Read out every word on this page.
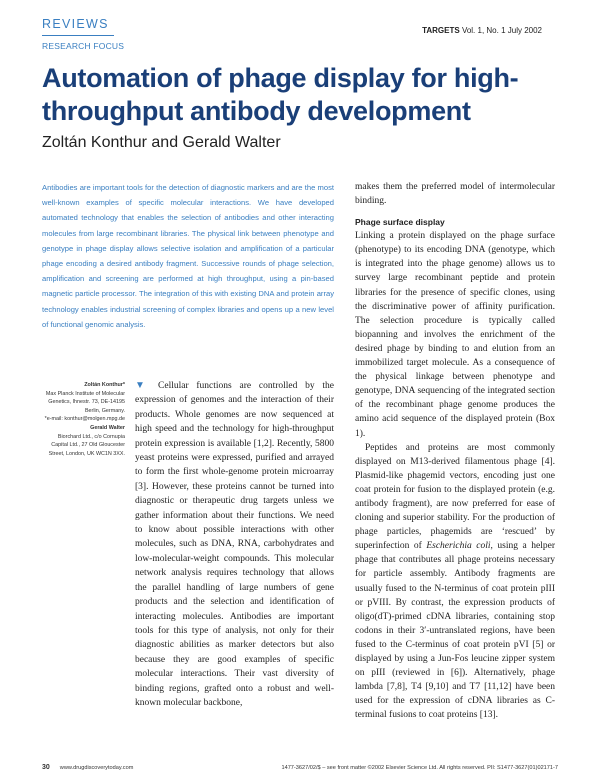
REVIEWS
RESEARCH FOCUS
TARGETS Vol. 1, No. 1 July 2002
Automation of phage display for high-throughput antibody development
Zoltán Konthur and Gerald Walter
Antibodies are important tools for the detection of diagnostic markers and are the most well-known examples of specific molecular interactions. We have developed automated technology that enables the selection of antibodies and other interacting molecules from large recombinant libraries. The physical link between phenotype and genotype in phage display allows selective isolation and amplification of a particular phage encoding a desired antibody fragment. Successive rounds of phage selection, amplification and screening are performed at high throughput, using a pin-based magnetic particle processor. The integration of this with existing DNA and protein array technology enables industrial screening of complex libraries and opens up a new level of functional genomic analysis.
Zoltán Konthur*
Max Planck Institute of Molecular Genetics, Ihnestr. 73, DE-14195 Berlin, Germany.
*e-mail: konthur@molgen.mpg.de
Gerald Walter
Biorchard Ltd., c/o Cornupia Capital Ltd., 27 Old Gloucester Street, London, UK WC1N 3XX.
▼ Cellular functions are controlled by the expression of genomes and the interaction of their products. Whole genomes are now sequenced at high speed and the technology for high-throughput protein expression is available [1,2]. Recently, 5800 yeast proteins were expressed, purified and arrayed to form the first whole-genome protein microarray [3]. However, these proteins cannot be turned into diagnostic or therapeutic drug targets unless we gather information about their functions. We need to know about possible interactions with other molecules, such as DNA, RNA, carbohydrates and low-molecular-weight compounds. This molecular network analysis requires technology that allows the parallel handling of large numbers of gene products and the selection and identification of interacting molecules. Antibodies are important tools for this type of analysis, not only for their diagnostic abilities as marker detectors but also because they are good examples of specific molecular interactions. Their vast diversity of binding regions, grafted onto a robust and well-known molecular backbone,

makes them the preferred model of intermolecular binding.

Phage surface display

Linking a protein displayed on the phage surface (phenotype) to its encoding DNA (genotype, which is integrated into the phage genome) allows us to survey large recombinant peptide and protein libraries for the presence of specific clones, using the discriminative power of affinity purification. The selection procedure is typically called biopanning and involves the enrichment of the desired phage by binding to and elution from an immobilized target molecule. As a consequence of the physical linkage between phenotype and genotype, DNA sequencing of the integrated section of the recombinant phage genome produces the amino acid sequence of the displayed protein (Box 1).

Peptides and proteins are most commonly displayed on M13-derived filamentous phage [4]. Plasmid-like phagemid vectors, encoding just one coat protein for fusion to the displayed protein (e.g. antibody fragment), are now preferred for ease of cloning and superior stability. For the production of phage particles, phagemids are ‘rescued’ by superinfection of Escherichia coli, using a helper phage that contributes all phage proteins necessary for particle assembly. Antibody fragments are usually fused to the N-terminus of coat protein pIII or pVIII. By contrast, the expression products of oligo(dT)-primed cDNA libraries, containing stop codons in their 3′-untranslated regions, have been fused to the C-terminus of coat protein pVI [5] or displayed by using a Jun-Fos leucine zipper system on pIII (reviewed in [6]). Alternatively, phage lambda [7,8], T4 [9,10] and T7 [11,12] have been used for the expression of cDNA libraries as C-terminal fusions to coat proteins [13].

30 www.drugdiscoverytoday.com	1477-3627/02/$ – see front matter ©2002 Elsevier Science Ltd. All rights reserved. PII: S1477-3627(01)02171-7
